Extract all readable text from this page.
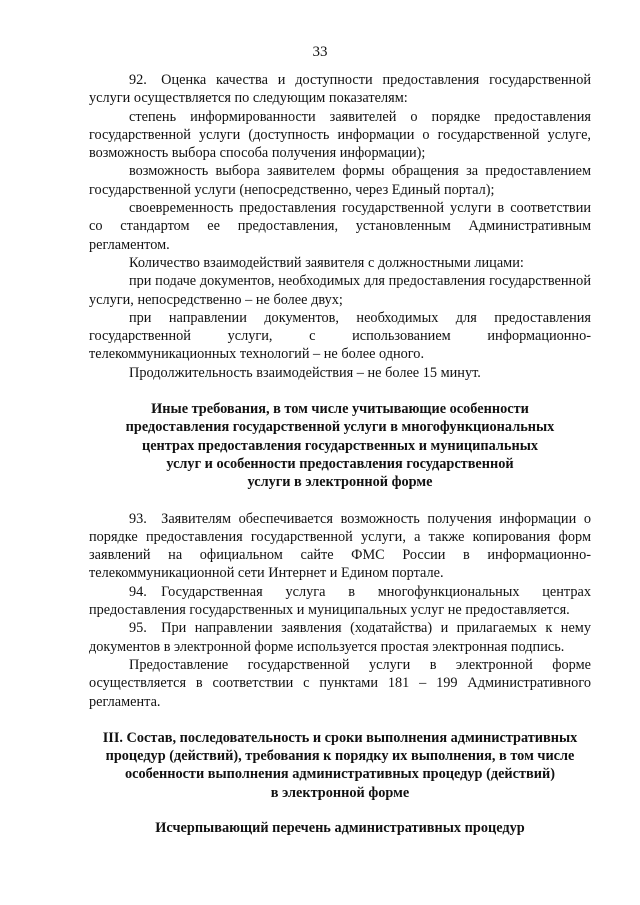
33

92. Оценка качества и доступности предоставления государственной услуги осуществляется по следующим показателям:

степень информированности заявителей о порядке предоставления государственной услуги (доступность информации о государственной услуге, возможность выбора способа получения информации);

возможность выбора заявителем формы обращения за предоставлением государственной услуги (непосредственно, через Единый портал);

своевременность предоставления государственной услуги в соответствии со стандартом ее предоставления, установленным Административным регламентом.

Количество взаимодействий заявителя с должностными лицами:

при подаче документов, необходимых для предоставления государственной услуги, непосредственно – не более двух;

при направлении документов, необходимых для предоставления государственной услуги, с использованием информационно-телекоммуникационных технологий – не более одного.

Продолжительность взаимодействия – не более 15 минут.

Иные требования, в том числе учитывающие особенности
предоставления государственной услуги в многофункциональных
центрах предоставления государственных и муниципальных
услуг и особенности предоставления государственной
услуги в электронной форме

93. Заявителям обеспечивается возможность получения информации о порядке предоставления государственной услуги, а также копирования форм заявлений на официальном сайте ФМС России в информационно-телекоммуникационной сети Интернет и Едином портале.

94. Государственная услуга в многофункциональных центрах предоставления государственных и муниципальных услуг не предоставляется.

95. При направлении заявления (ходатайства) и прилагаемых к нему документов в электронной форме используется простая электронная подпись.

Предоставление государственной услуги в электронной форме осуществляется в соответствии с пунктами 181 – 199 Административного регламента.

III. Состав, последовательность и сроки выполнения административных
процедур (действий), требования к порядку их выполнения, в том числе
особенности выполнения административных процедур (действий)
в электронной форме
Исчерпывающий перечень административных процедур
